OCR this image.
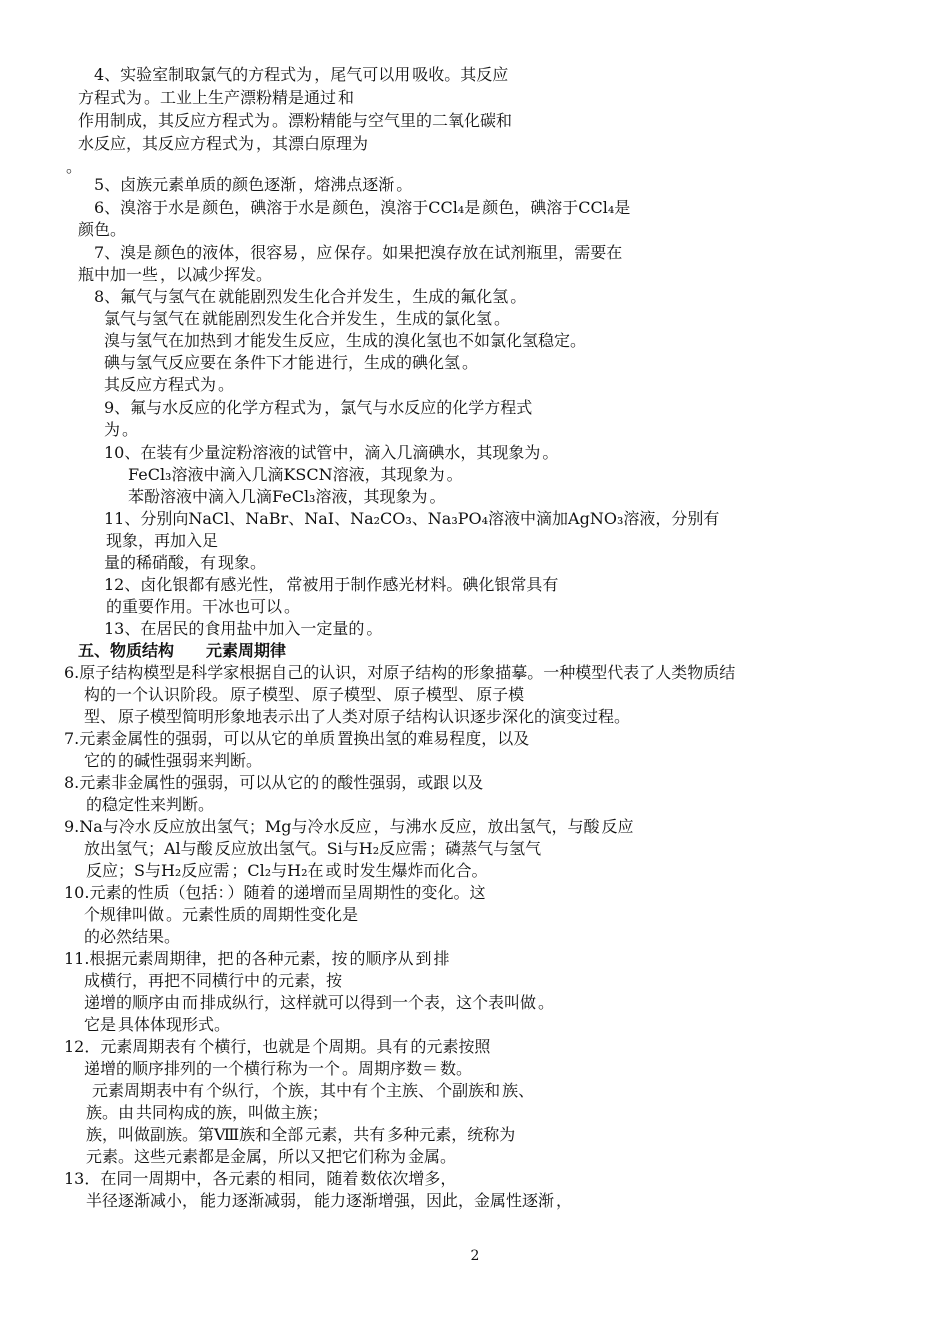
4、实验室制取氯气的方程式为 ，尾气可以用 吸收。其反应
方程式为 。工业上生产漂粉精是通过 和
作用制成，其反应方程式为 。漂粉精能与空气里的二氧化碳和
水反应，其反应方程式为 ，其漂白原理为
。
5、卤族元素单质的颜色逐渐 ，熔沸点逐渐 。
6、溴溶于水是 颜色，碘溶于水是 颜色，溴溶于CCl₄是 颜色，碘溶于CCl₄是
颜色。
7、溴是 颜色的液体，很容易 ，应 保存。如果把溴存放在试剂瓶里，需要在
瓶中加一些 ，以减少挥发。
8、氟气与氢气在 就能剧烈发生化合并发生 ，生成的氟化氢 。
氯气与氢气在 就能剧烈发生化合并发生 ，生成的氯化氢 。
溴与氢气在加热到 才能发生反应，生成的溴化氢也不如氯化氢稳定。
碘与氢气反应要在 条件下才能 进行，生成的碘化氢 。
其反应方程式为 。
9、氟与水反应的化学方程式为 ，氯气与水反应的化学方程式
为 。
10、在装有少量淀粉溶液的试管中，滴入几滴碘水，其现象为 。
FeCl₃溶液中滴入几滴KSCN溶液，其现象为 。
苯酚溶液中滴入几滴FeCl₃溶液，其现象为 。
11、分别向NaCl、NaBr、NaI、Na₂CO₃、Na₃PO₄溶液中滴加AgNO₃溶液，分别有
现象，再加入足
量的稀硝酸，有 现象。
12、卤化银都有感光性， 常被用于制作感光材料。碘化银常具有
的重要作用。干冰也可以 。
13、在居民的食用盐中加入一定量的 。
五、物质结构　　元素周期律
6.原子结构模型是科学家根据自己的认识，对原子结构的形象描摹。一种模型代表了人类物质结
构的一个认识阶段。 原子模型、 原子模型、 原子模型、 原子模
型、 原子模型简明形象地表示出了人类对原子结构认识逐步深化的演变过程。
7.元素金属性的强弱，可以从它的单质 置换出氢的难易程度，以及
它的 的碱性强弱来判断。
8.元素非金属性的强弱，可以从它的 的酸性强弱，或跟 以及
的稳定性来判断。
9.Na与冷水 反应放出氢气；Mg与冷水反应 ，与沸水 反应，放出氢气，与酸 反应
放出氢气；Al与酸 反应放出氢气。Si与H₂反应需 ；磷蒸气与氢气
反应；S与H₂反应需 ；Cl₂与H₂在 或 时发生爆炸而化合。
10.元素的性质（包括： ）随着 的递增而呈周期性的变化。这
个规律叫做 。元素性质的周期性变化是
的必然结果。
11.根据元素周期律，把 的各种元素，按 的顺序从 到 排
成横行，再把不同横行中 的元素，按
递增的顺序由 而 排成纵行，这样就可以得到一个表，这个表叫做 。
它是 具体体现形式。
12．元素周期表有 个横行，也就是 个周期。具有 的元素按照
递增的顺序排列的一个横行称为一个 。周期序数＝ 数。
元素周期表中有 个纵行， 个族，其中有 个主族、 个副族和 族、
族。由 共同构成的族，叫做主族；
族，叫做副族。第Ⅷ族和全部 元素，共有 多种元素，统称为
元素。这些元素都是金属，所以又把它们称为 金属。
13．在同一周期中，各元素的 相同，随着 数依次增多，
半径逐渐减小， 能力逐渐减弱， 能力逐渐增强，因此，金属性逐渐 ，
2
